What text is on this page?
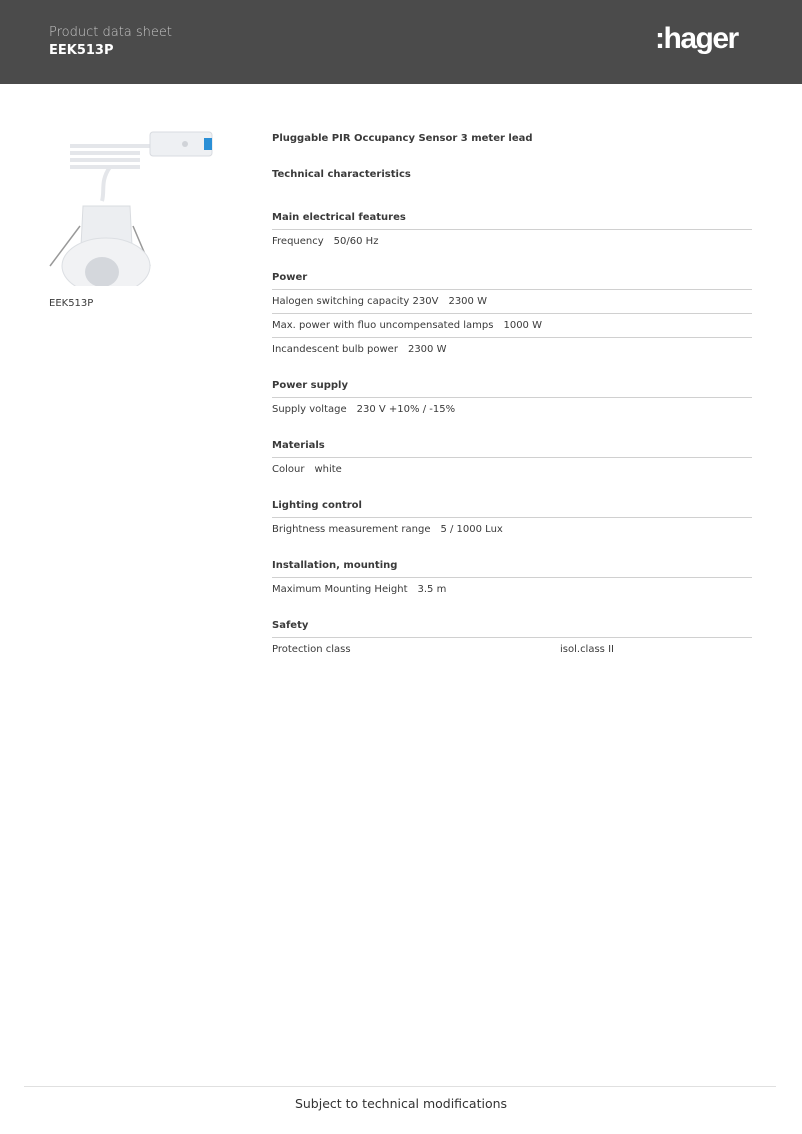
Product data sheet
EEK513P	:hager
EEK513P
Pluggable PIR Occupancy Sensor 3 meter lead
Technical characteristics
Main electrical features
Frequency 50/60 Hz
Power
Halogen switching capacity 230V 2300 W
Max. power with fluo uncompensated lamps 1000 W
Incandescent bulb power 2300 W
Power supply
Supply voltage 230 V +10% / -15%
Materials
Colour white
Lighting control
Brightness measurement range 5 / 1000 Lux
Installation, mounting
Maximum Mounting Height 3.5 m
Safety
Protection class	isol.class II
Subject to technical modifications
